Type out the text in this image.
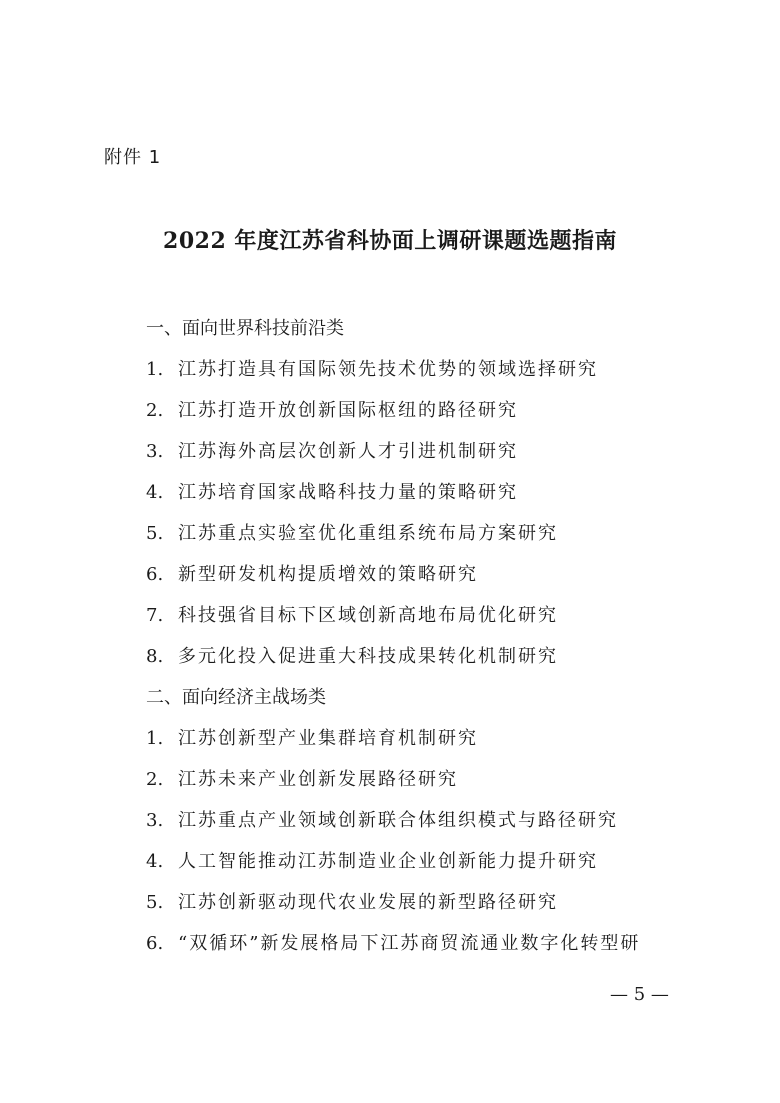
附件 1
2022 年度江苏省科协面上调研课题选题指南
一、面向世界科技前沿类
1. 江苏打造具有国际领先技术优势的领域选择研究
2. 江苏打造开放创新国际枢纽的路径研究
3. 江苏海外高层次创新人才引进机制研究
4. 江苏培育国家战略科技力量的策略研究
5. 江苏重点实验室优化重组系统布局方案研究
6. 新型研发机构提质增效的策略研究
7. 科技强省目标下区域创新高地布局优化研究
8. 多元化投入促进重大科技成果转化机制研究
二、面向经济主战场类
1. 江苏创新型产业集群培育机制研究
2. 江苏未来产业创新发展路径研究
3. 江苏重点产业领域创新联合体组织模式与路径研究
4. 人工智能推动江苏制造业企业创新能力提升研究
5. 江苏创新驱动现代农业发展的新型路径研究
6. “双循环”新发展格局下江苏商贸流通业数字化转型研
— 5 —
